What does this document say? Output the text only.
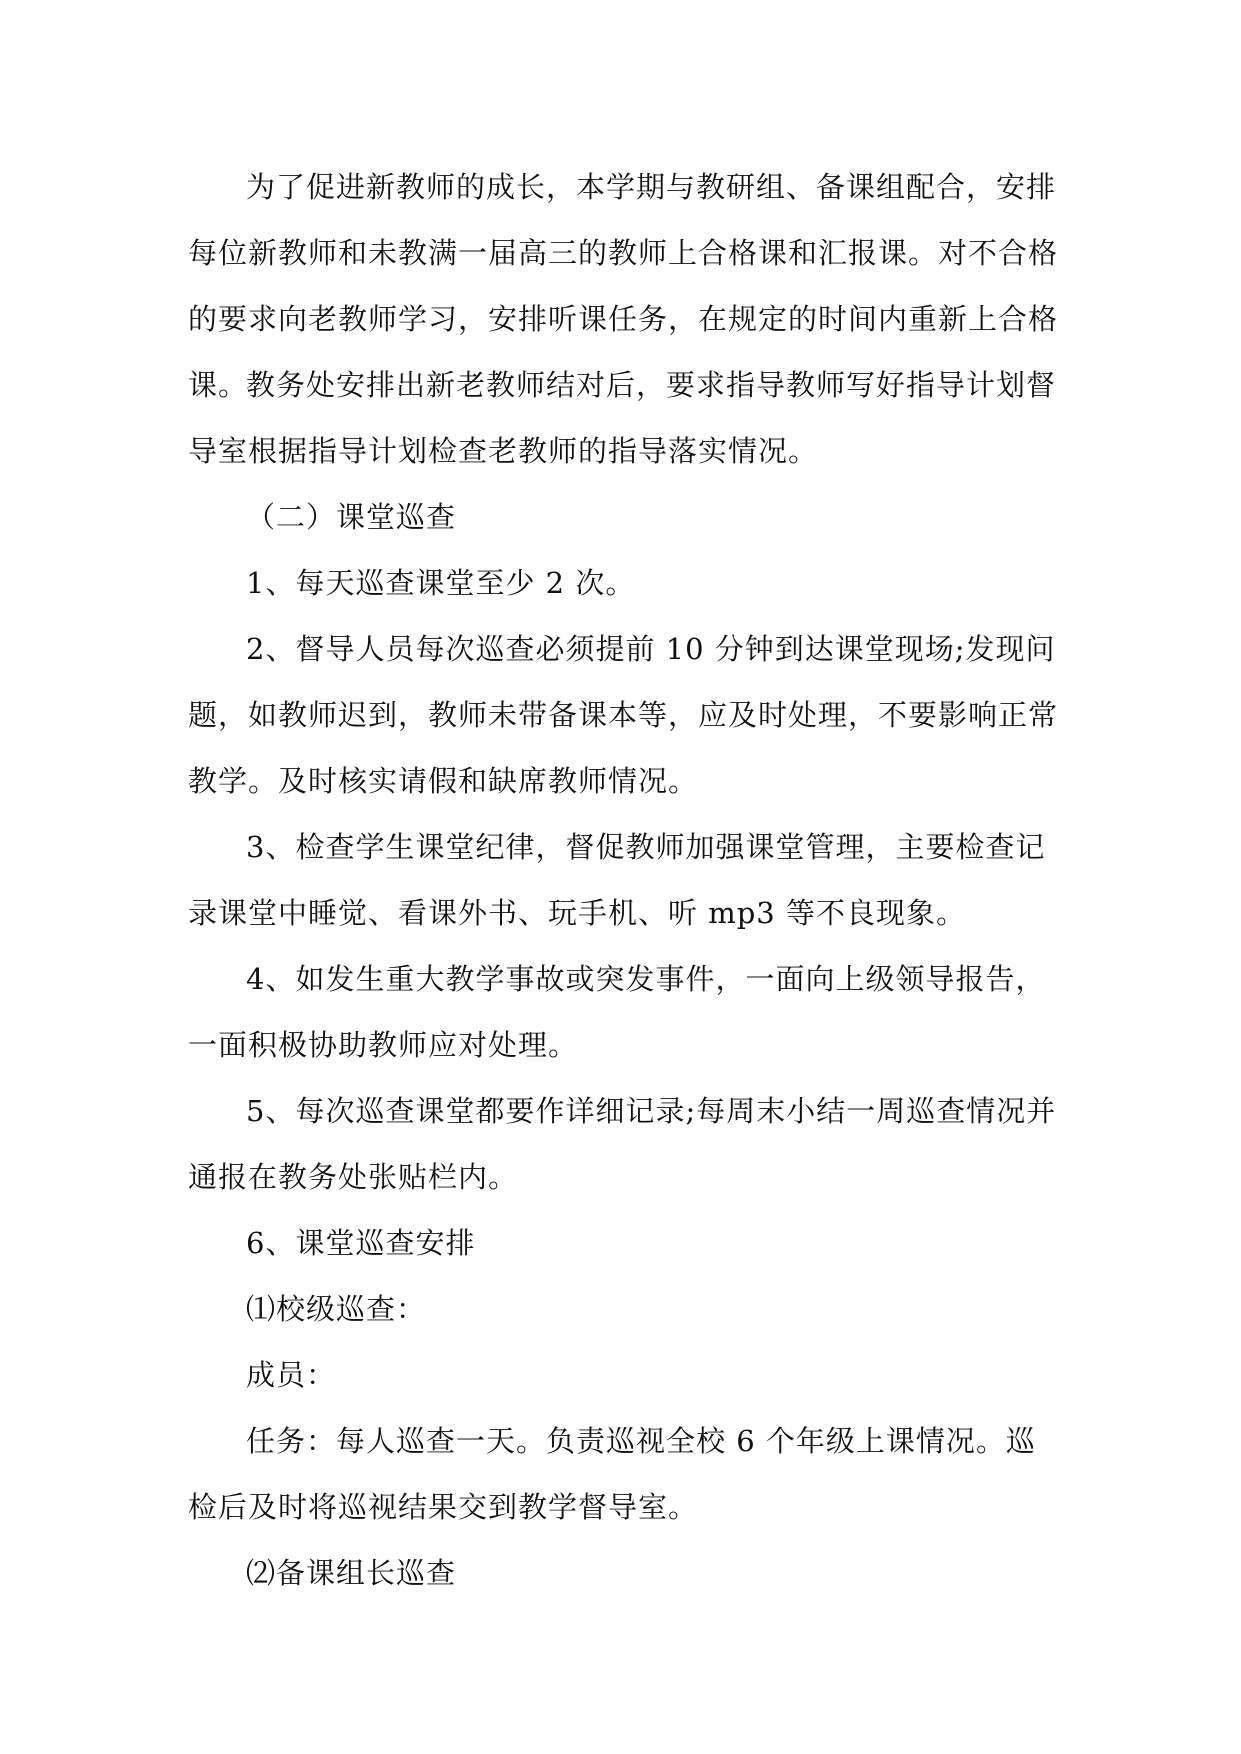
为了促进新教师的成长，本学期与教研组、备课组配合，安排每位新教师和未教满一届高三的教师上合格课和汇报课。对不合格的要求向老教师学习，安排听课任务，在规定的时间内重新上合格课。

教务处安排出新老教师结对后，要求指导教师写好指导计划督导室根据指导计划检查老教师的指导落实情况。

（二）课堂巡查

1、每天巡查课堂至少 2 次。

2、督导人员每次巡查必须提前 10 分钟到达课堂现场;发现问题，如教师迟到，教师未带备课本等，应及时处理，不要影响正常教学。及时核实请假和缺席教师情况。

3、检查学生课堂纪律，督促教师加强课堂管理，主要检查记录课堂中睡觉、看课外书、玩手机、听 mp3 等不良现象。

4、如发生重大教学事故或突发事件，一面向上级领导报告，一面积极协助教师应对处理。

5、每次巡查课堂都要作详细记录;每周末小结一周巡查情况并通报在教务处张贴栏内。

6、课堂巡查安排

⑴校级巡查：

成员：

任务：每人巡查一天。负责巡视全校 6 个年级上课情况。巡检后及时将巡视结果交到教学督导室。

⑵备课组长巡查
